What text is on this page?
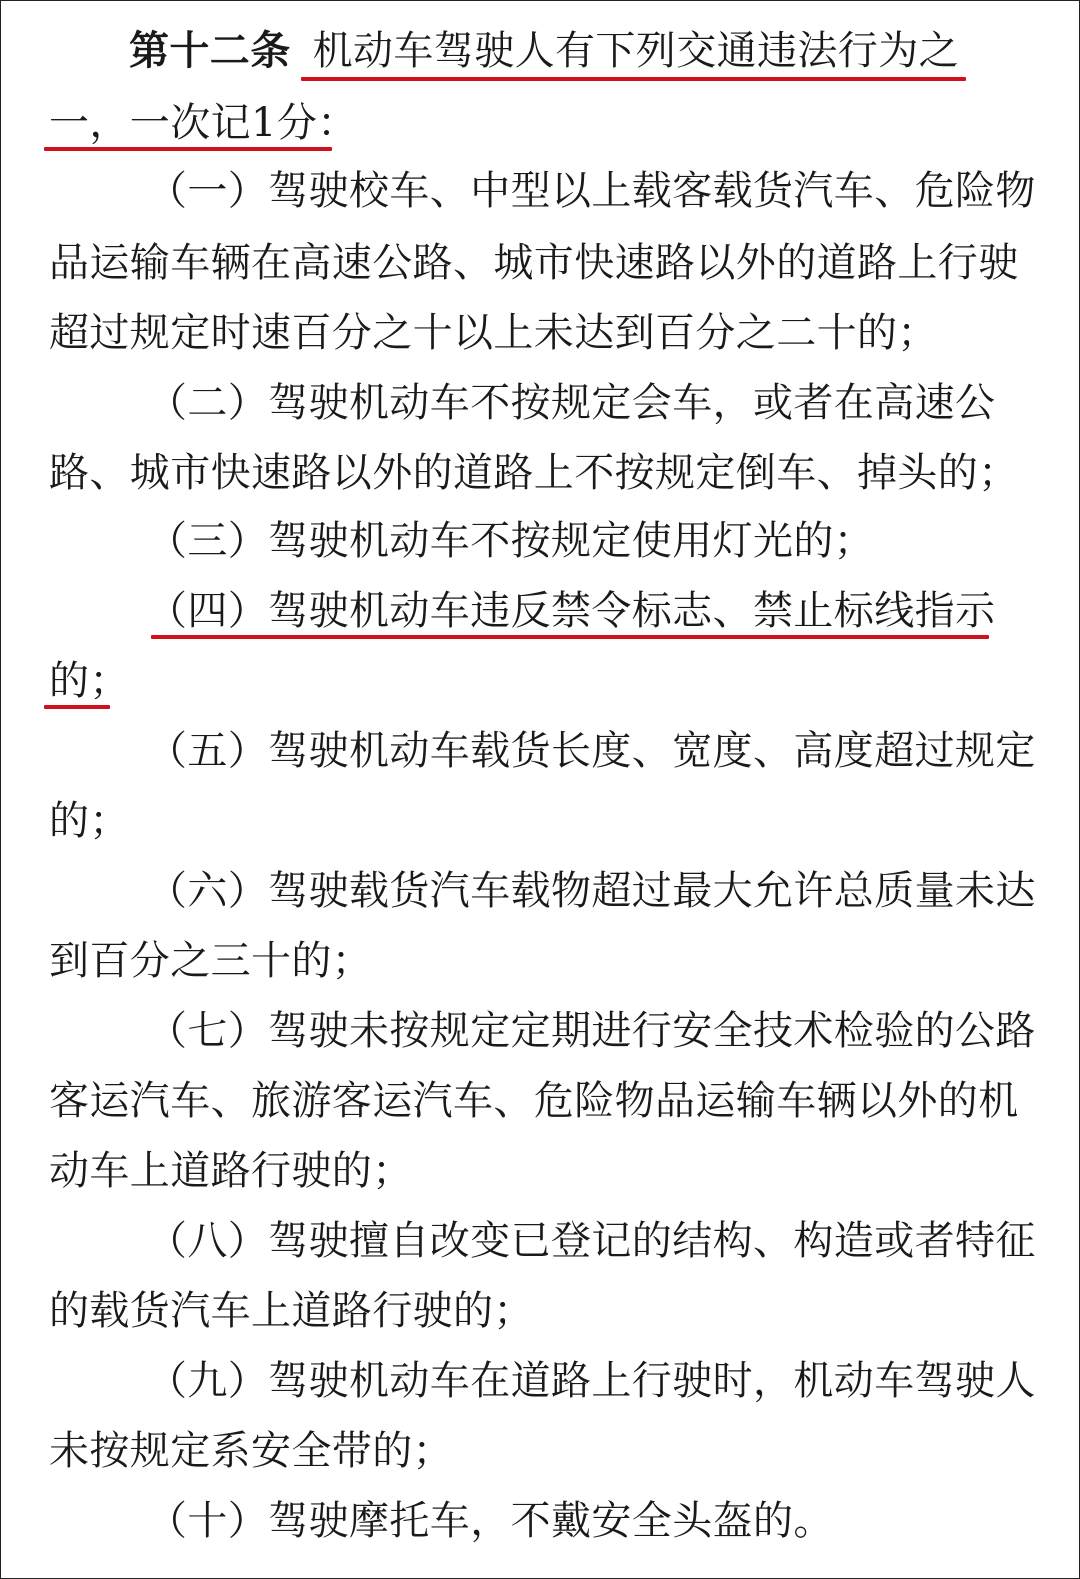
第十二条 机动车驾驶人有下列交通违法行为之
一，一次记1分：
（一）驾驶校车、中型以上载客载货汽车、危险物
品运输车辆在高速公路、城市快速路以外的道路上行驶
超过规定时速百分之十以上未达到百分之二十的；
（二）驾驶机动车不按规定会车，或者在高速公
路、城市快速路以外的道路上不按规定倒车、掉头的；
（三）驾驶机动车不按规定使用灯光的；
（四）驾驶机动车违反禁令标志、禁止标线指示
的；
（五）驾驶机动车载货长度、宽度、高度超过规定
的；
（六）驾驶载货汽车载物超过最大允许总质量未达
到百分之三十的；
（七）驾驶未按规定定期进行安全技术检验的公路
客运汽车、旅游客运汽车、危险物品运输车辆以外的机
动车上道路行驶的；
（八）驾驶擅自改变已登记的结构、构造或者特征
的载货汽车上道路行驶的；
（九）驾驶机动车在道路上行驶时，机动车驾驶人
未按规定系安全带的；
（十）驾驶摩托车，不戴安全头盔的。
